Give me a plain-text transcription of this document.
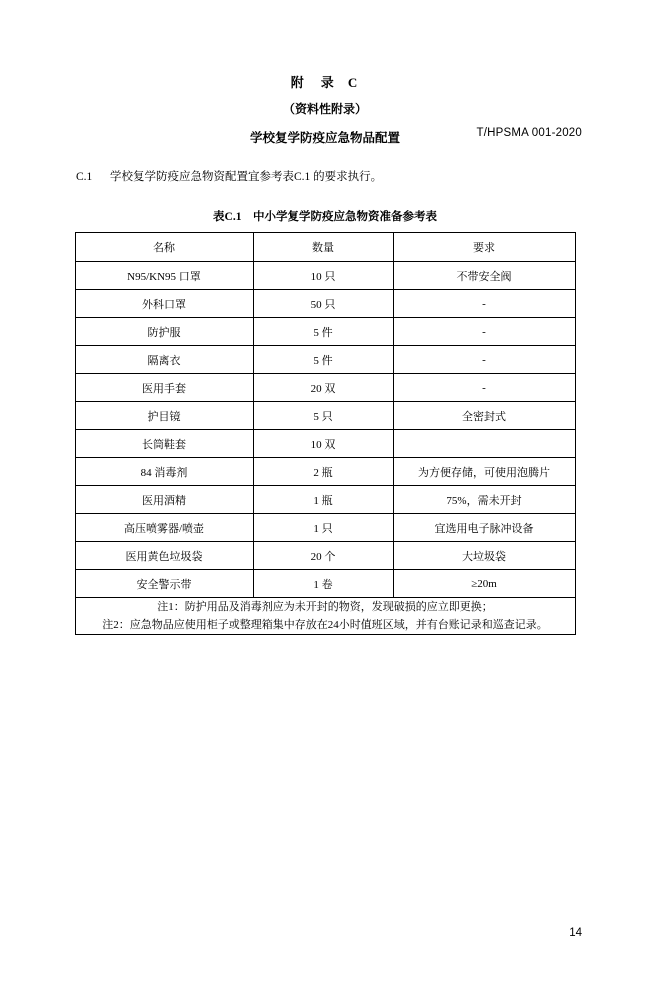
T/HPSMA 001-2020
附　录 C
（资料性附录）
学校复学防疫应急物品配置
C.1 学校复学防疫应急物资配置宜参考表C.1 的要求执行。
表C.1　中小学复学防疫应急物资准备参考表
名称	数量	要求
N95/KN95 口罩	10 只	不带安全阀
外科口罩	50 只	-
防护服	5 件	-
隔离衣	5 件	-
医用手套	20 双	-
护目镜	5 只	全密封式
长筒鞋套	10 双	
84 消毒剂	2 瓶	为方便存储，可使用泡腾片
医用酒精	1 瓶	75%，需未开封
高压喷雾器/喷壶	1 只	宜选用电子脉冲设备
医用黄色垃圾袋	20 个	大垃圾袋
安全警示带	1 卷	≥20m

注1：防护用品及消毒剂应为未开封的物资，发现破损的应立即更换；
注2：应急物品应使用柜子或整理箱集中存放在24小时值班区域，并有台账记录和巡查记录。		
14
